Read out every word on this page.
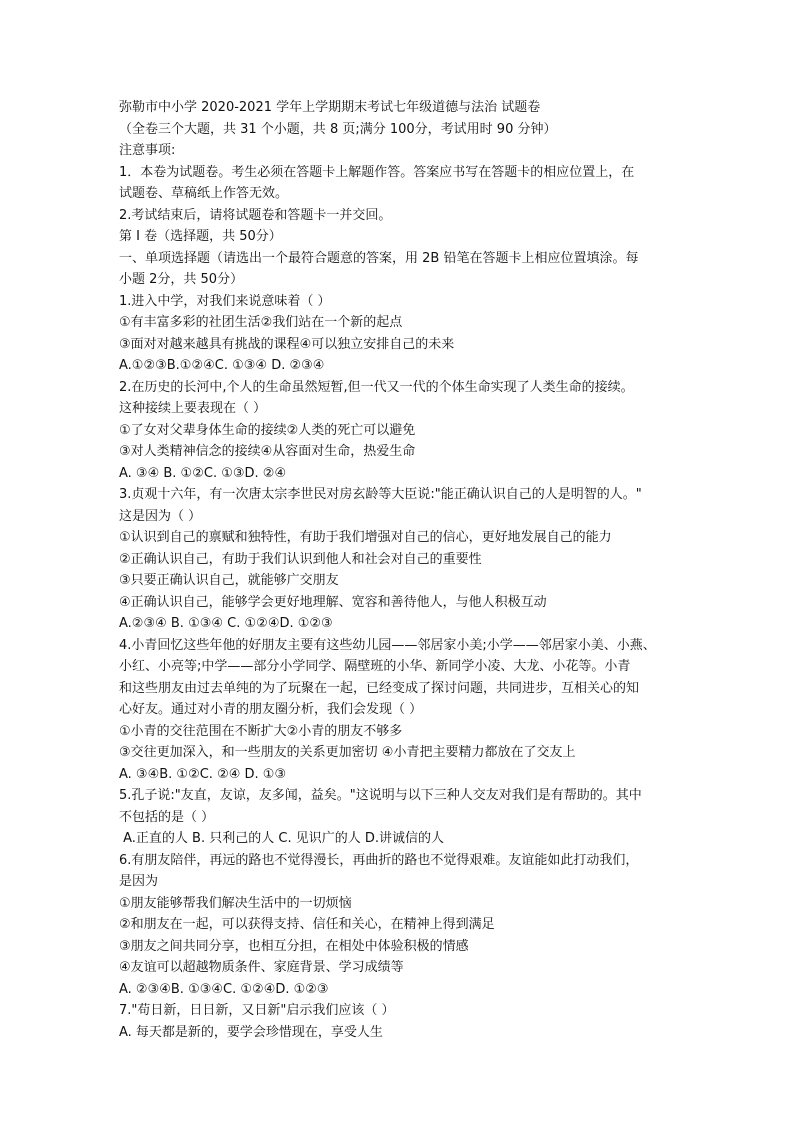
弥勒市中小学 2020-2021 学年上学期期末考试七年级道德与法治 试题卷
（全卷三个大题，共 31 个小题，共 8 页;满分 100分，考试用时 90 分钟）
注意事项:
1．本卷为试题卷。考生必须在答题卡上解题作答。答案应书写在答题卡的相应位置上，在
试题卷、草稿纸上作答无效。
2.考试结束后，请将试题卷和答题卡一并交回。
第 I 卷（选择题，共 50分）
一、单项选择题（请选出一个最符合题意的答案，用 2B 铅笔在答题卡上相应位置填涂。每
小题 2分，共 50分）
1.进入中学，对我们来说意味着（ ）
①有丰富多彩的社团生活②我们站在一个新的起点
③面对对越来越具有挑战的课程④可以独立安排自己的未来
A.①②③B.①②④C. ①③④ D. ②③④
2.在历史的长河中,个人的生命虽然短暂,但一代又一代的个体生命实现了人类生命的接续。
这种接续上要表现在（ ）
①了女对父辈身体生命的接续②人类的死亡可以避免
③对人类精神信念的接续④从容面对生命，热爱生命
A. ③④ B. ①②C. ①③D. ②④
3.贞观十六年，有一次唐太宗李世民对房玄龄等大臣说:"能正确认识自己的人是明智的人。"
这是因为（ ）
①认识到自己的禀赋和独特性，有助于我们增强对自己的信心，更好地发展自己的能力
②正确认识自己，有助于我们认识到他人和社会对自己的重要性
③只要正确认识自己，就能够广交朋友
④正确认识自己，能够学会更好地理解、宽容和善待他人，与他人积极互动
A.②③④ B. ①③④ C. ①②④D. ①②③
4.小青回忆这些年他的好朋友主要有这些幼儿园——邻居家小美;小学——邻居家小美、小燕、
小红、小亮等;中学——部分小学同学、隔壁班的小华、新同学小凌、大龙、小花等。小青
和这些朋友由过去单纯的为了玩聚在一起，已经变成了探讨问题，共同进步，互相关心的知
心好友。通过对小青的朋友圈分析，我们会发现（ ）
①小青的交往范围在不断扩大②小青的朋友不够多
③交往更加深入，和一些朋友的关系更加密切 ④小青把主要精力都放在了交友上
A. ③④B. ①②C. ②④ D. ①③
5.孔子说:"友直，友谅，友多闻，益矣。"这说明与以下三种人交友对我们是有帮助的。其中
不包括的是（ ）
A.正直的人 B. 只利己的人 C. 见识广的人 D.讲诚信的人
6.有朋友陪伴，再远的路也不觉得漫长，再曲折的路也不觉得艰难。友谊能如此打动我们，
是因为
①朋友能够帮我们解决生活中的一切烦恼
②和朋友在一起，可以获得支持、信任和关心，在精神上得到满足
③朋友之间共同分享，也相互分担，在相处中体验积极的情感
④友谊可以超越物质条件、家庭背景、学习成绩等
A. ②③④B. ①③④C. ①②④D. ①②③
7."苟日新，日日新，又日新"启示我们应该（ ）
A. 每天都是新的，要学会珍惜现在，享受人生
